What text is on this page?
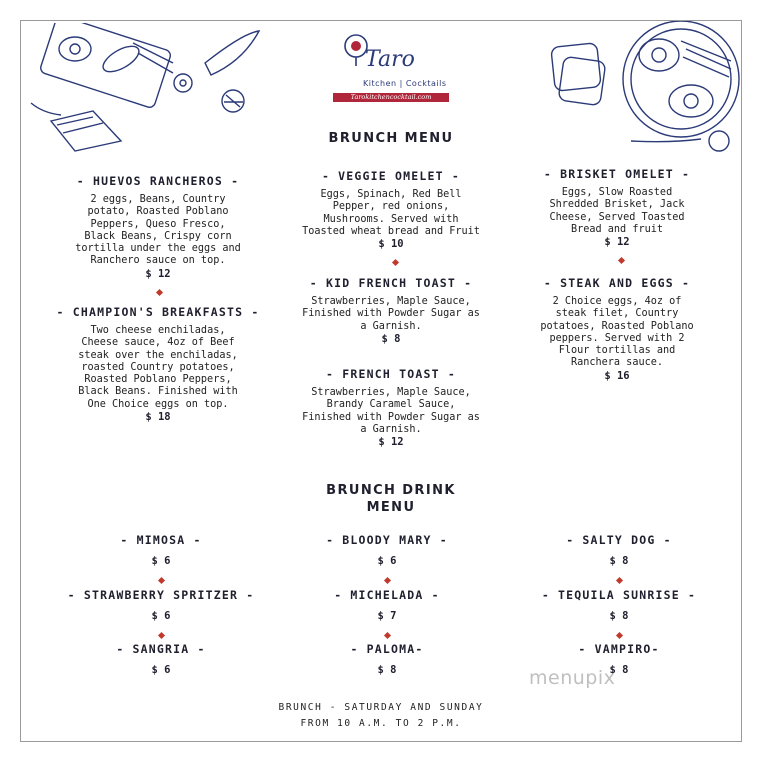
Taro
Kitchen | Cocktails
Tarokitchencocktail.com
BRUNCH MENU
- HUEVOS RANCHEROS -
2 eggs, Beans, Country
potato, Roasted Poblano
Peppers, Queso Fresco,
Black Beans, Crispy corn
tortilla under the eggs and
Ranchero sauce on top.
$ 12
- CHAMPION'S BREAKFASTS -
Two cheese enchiladas,
Cheese sauce, 4oz of Beef
steak over the enchiladas,
roasted Country potatoes,
Roasted Poblano Peppers,
Black Beans. Finished with
One Choice eggs on top.
$ 18
- VEGGIE OMELET -
Eggs, Spinach, Red Bell
Pepper, red onions,
Mushrooms. Served with
Toasted wheat bread and Fruit
$ 10
- KID FRENCH TOAST -
Strawberries, Maple Sauce,
Finished with Powder Sugar as
a Garnish.
$ 8
- FRENCH TOAST -
Strawberries, Maple Sauce,
Brandy Caramel Sauce,
Finished with Powder Sugar as
a Garnish.
$ 12
- BRISKET OMELET -
Eggs, Slow Roasted
Shredded Brisket, Jack
Cheese, Served Toasted
Bread and fruit
$ 12
- STEAK AND EGGS -
2 Choice eggs, 4oz of
steak filet, Country
potatoes, Roasted Poblano
peppers. Served with 2
Flour tortillas and
Ranchera sauce.
$ 16
BRUNCH DRINK
MENU
- MIMOSA -
$ 6
- STRAWBERRY SPRITZER -
$ 6
- SANGRIA -
$ 6
- BLOODY MARY -
$ 6
- MICHELADA -
$ 7
- PALOMA-
$ 8
- SALTY DOG -
$ 8
- TEQUILA SUNRISE -
$ 8
- VAMPIRO-
$ 8
menupix
BRUNCH - SATURDAY AND SUNDAY
FROM 10 A.M. TO 2 P.M.
